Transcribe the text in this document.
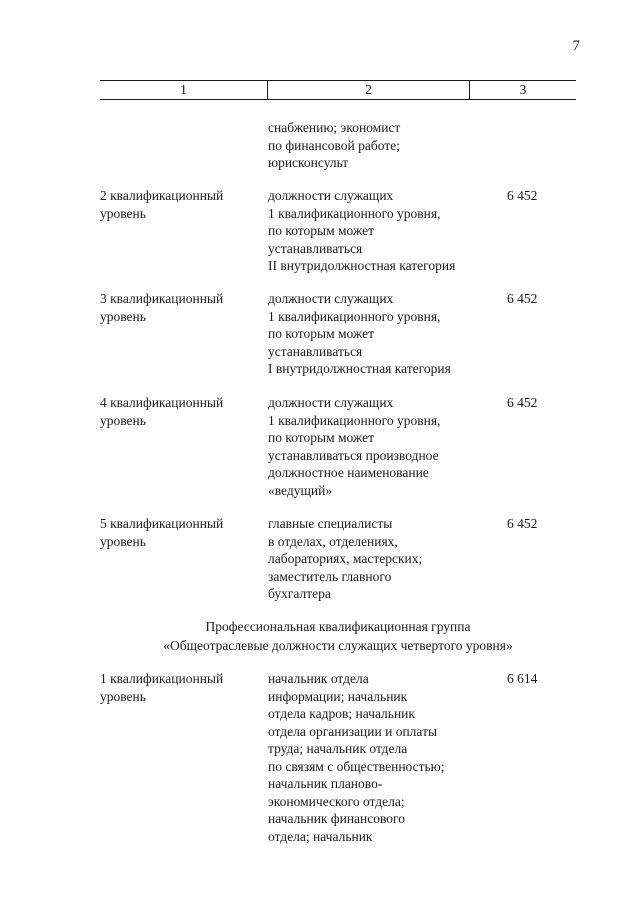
7
1	2	3
снабжению; экономист
по финансовой работе;
юрисконсульт
2 квалификационный
уровень
должности служащих
1 квалификационного уровня,
по которым может
устанавливаться
II внутридолжностная категория
6 452
3 квалификационный
уровень
должности служащих
1 квалификационного уровня,
по которым может
устанавливаться
I внутридолжностная категория
6 452
4 квалификационный
уровень
должности служащих
1 квалификационного уровня,
по которым может
устанавливаться производное
должностное наименование
«ведущий»
6 452
5 квалификационный
уровень
главные специалисты
в отделах, отделениях,
лабораториях, мастерских;
заместитель главного
бухгалтера
6 452
Профессиональная квалификационная группа
«Общеотраслевые должности служащих четвертого уровня»
1 квалификационный
уровень
начальник отдела
информации; начальник
отдела кадров; начальник
отдела организации и оплаты
труда; начальник отдела
по связям с общественностью;
начальник планово-
экономического отдела;
начальник финансового
отдела; начальник
6 614
